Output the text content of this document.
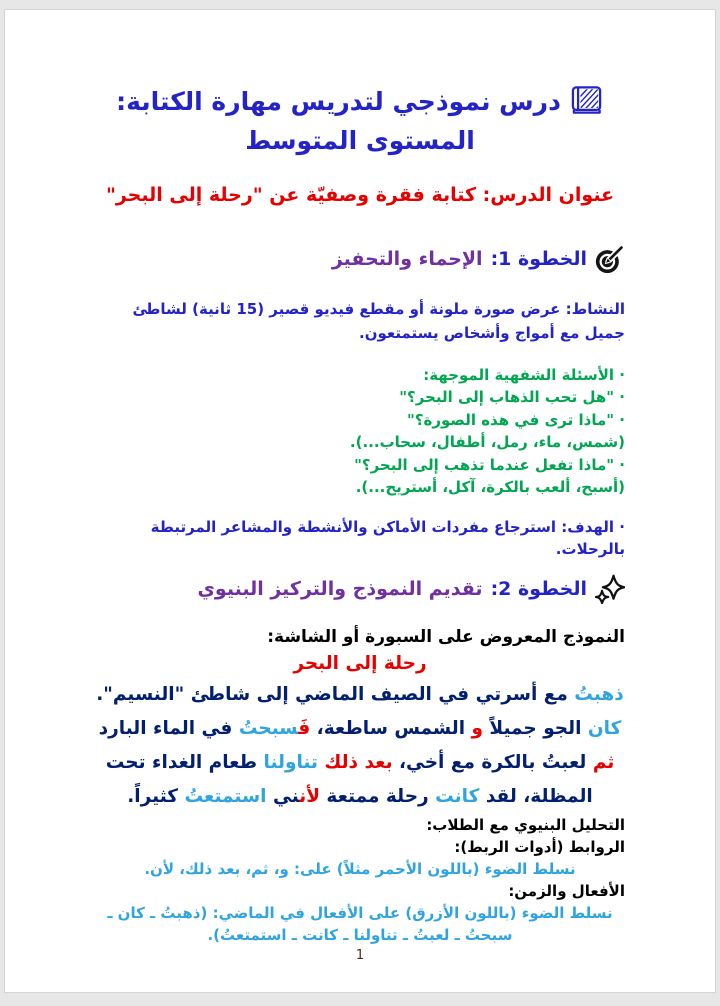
درس نموذجي لتدريس مهارة الكتابة:
المستوى المتوسط
عنوان الدرس: كتابة فقرة وصفيّة عن "رحلة إلى البحر"
الخطوة 1:
الإحماء والتحفيز

النشاط: عرض صورة ملونة أو مقطع فيديو قصير (15 ثانية) لشاطئ جميل مع أمواج وأشخاص يستمتعون.

· الأسئلة الشفهية الموجهة:
· "هل تحب الذهاب إلى البحر؟"
· "ماذا ترى في هذه الصورة؟"
(شمس، ماء، رمل، أطفال، سحاب...).
· "ماذا تفعل عندما تذهب إلى البحر؟"
(أسبح، ألعب بالكرة، آكل، أستريح...).

· الهدف: استرجاع مفردات الأماكن والأنشطة والمشاعر المرتبطة بالرحلات.

الخطوة 2:
تقديم النموذج والتركيز البنيوي

النموذج المعروض على السبورة أو الشاشة:

رحلة إلى البحر

ذهبتُ مع أسرتي في الصيف الماضي إلى شاطئ "النسيم". كان الجو جميلاً و الشمس ساطعة، فَ‍‍سبحتُ في الماء البارد ثم لعبتُ بالكرة مع أخي، بعد ذلك تناولنا طعام الغداء تحت المظلة، لقد كانت رحلة ممتعة لأن‍‍ني استمتعتُ كثيراً.

التحليل البنيوي مع الطلاب:
الروابط (أدوات الربط):
نسلط الضوء (باللون الأحمر مثلاً) على: و، ثم، بعد ذلك، لأن.
الأفعال والزمن:
نسلط الضوء (باللون الأزرق) على الأفعال في الماضي: (ذهبتُ ـ كان ـ سبحتُ ـ لعبتُ ـ تناولنا ـ كانت ـ استمتعتُ).
1
